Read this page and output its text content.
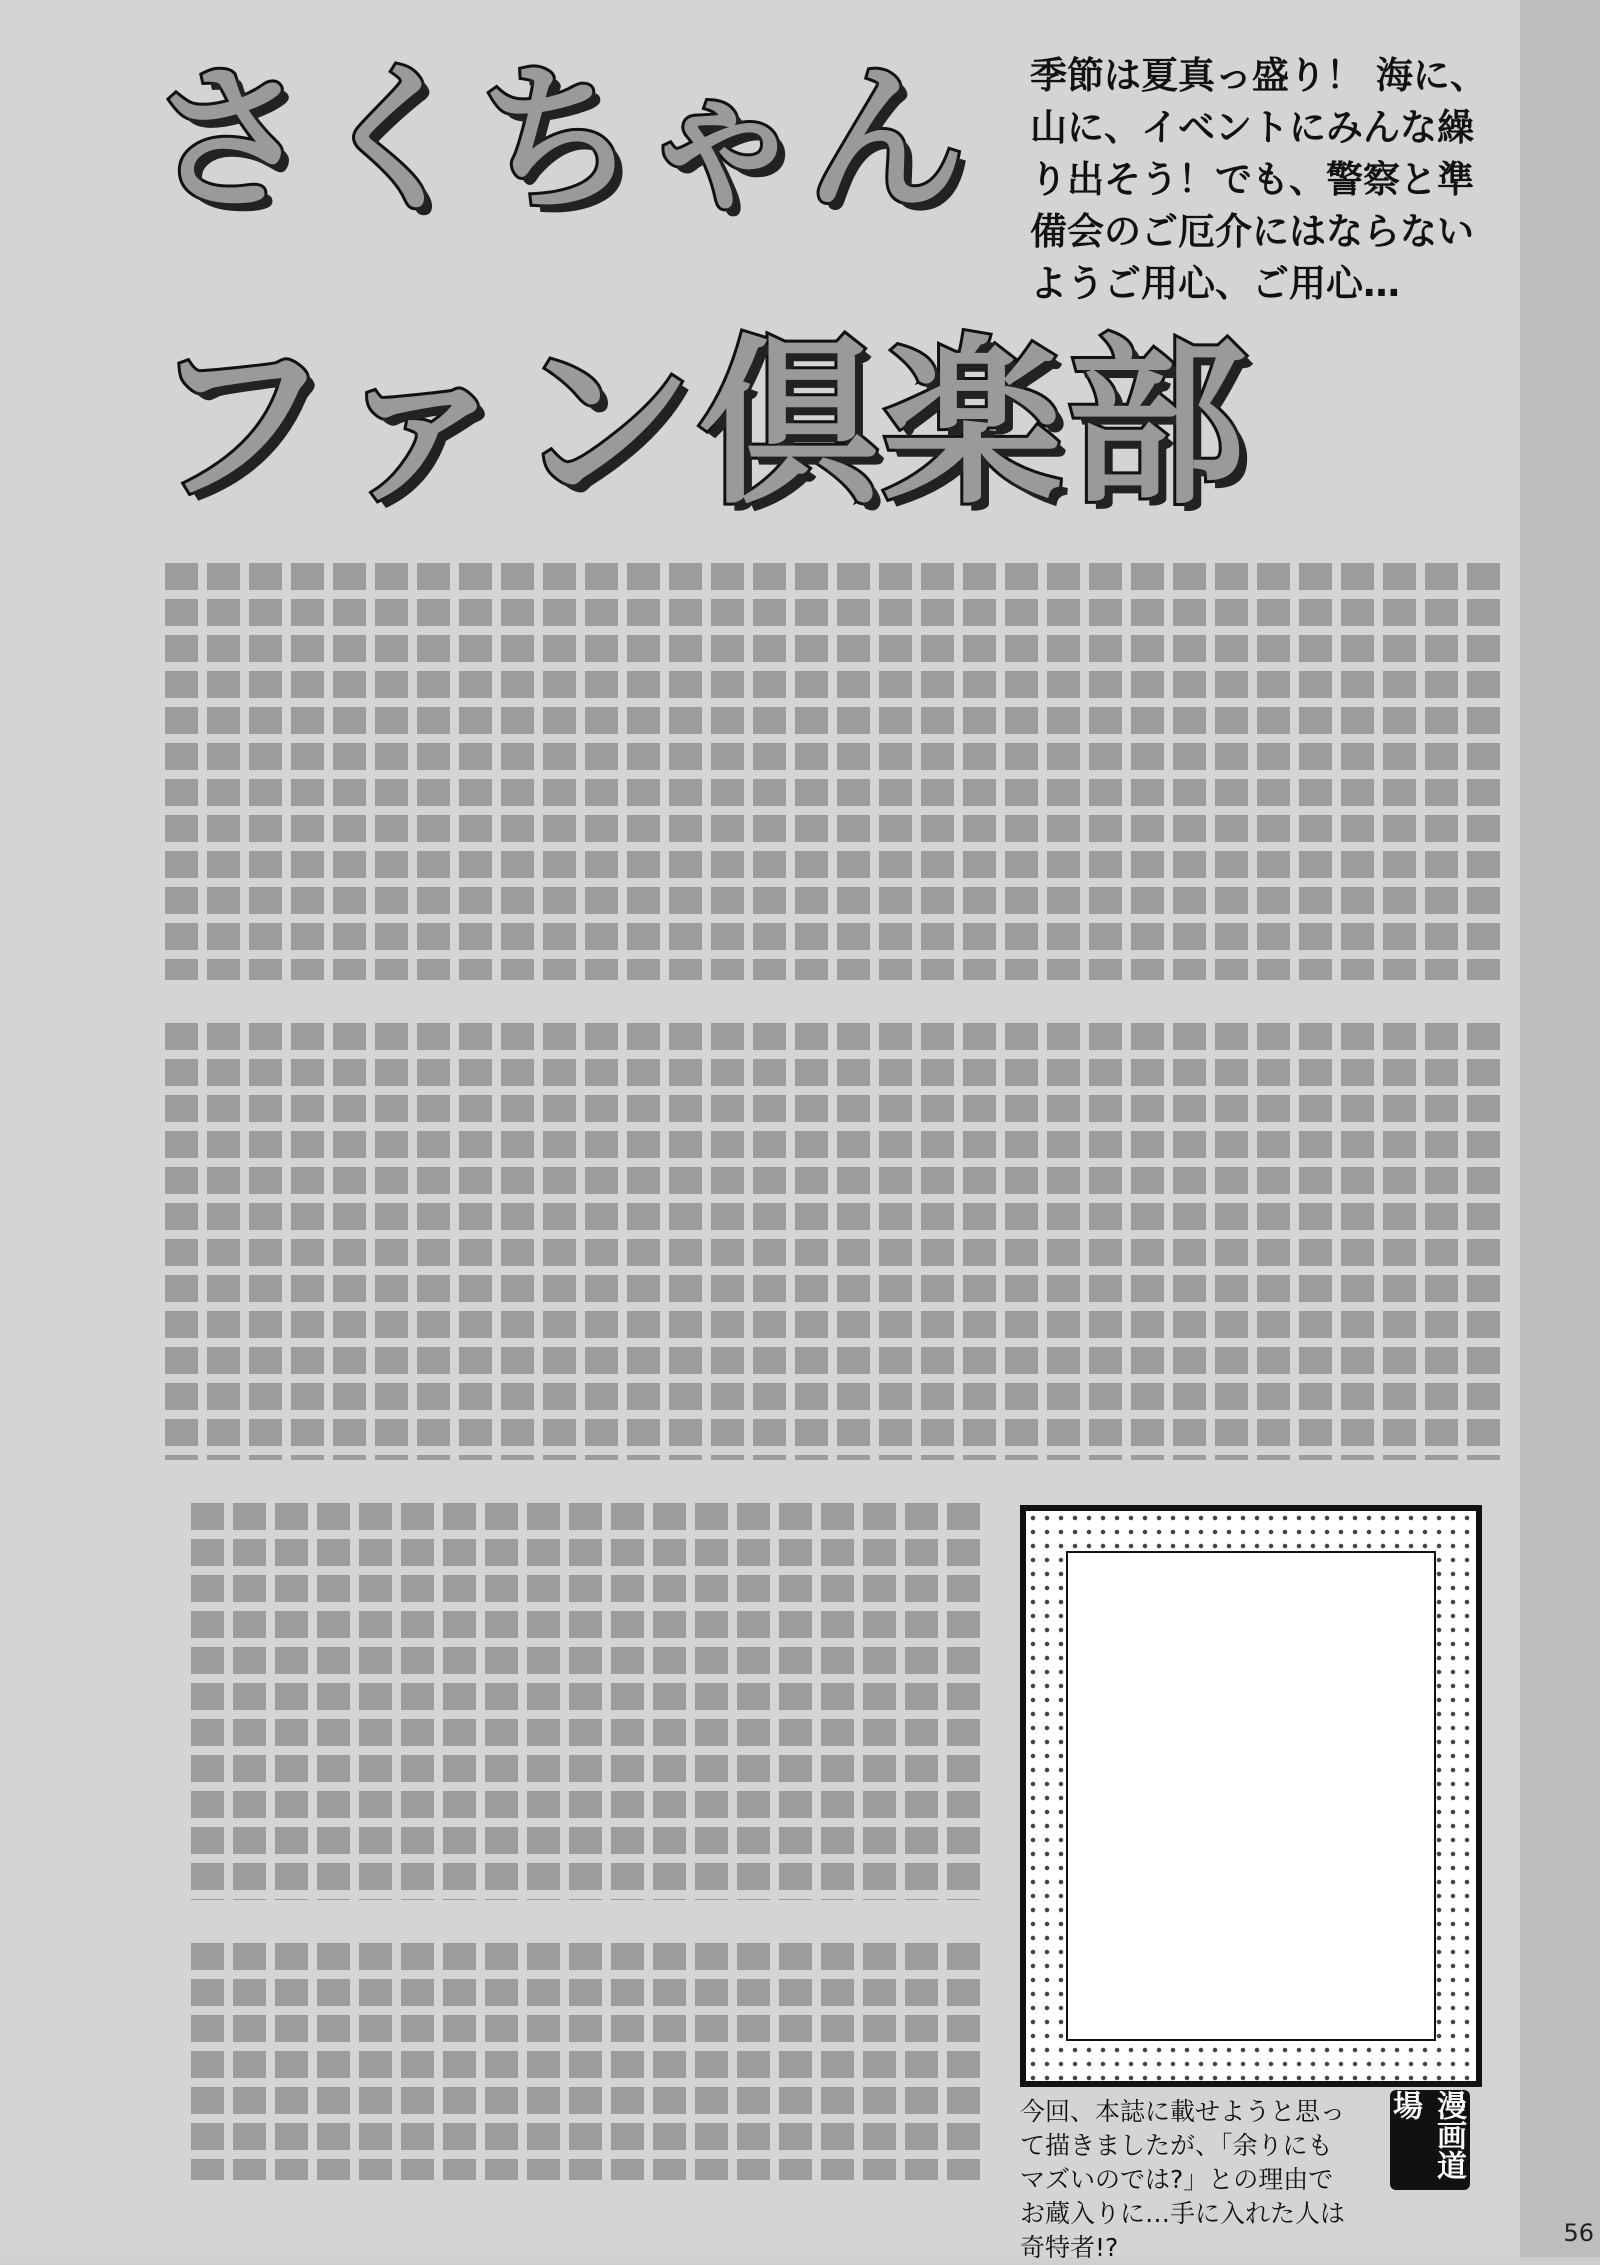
さくちゃん 季節は夏真っ盛り！ 海に、山に、イベントにみんな繰り出そう！でも、警察と準備会のご厄介にはならないようご用心、ご用心…
ファン倶楽部
今回、本誌に載せようと思って描きましたが、「余りにもマズいのでは?」との理由でお蔵入りに…手に入れた人は奇特者!?
漫画道場
56
